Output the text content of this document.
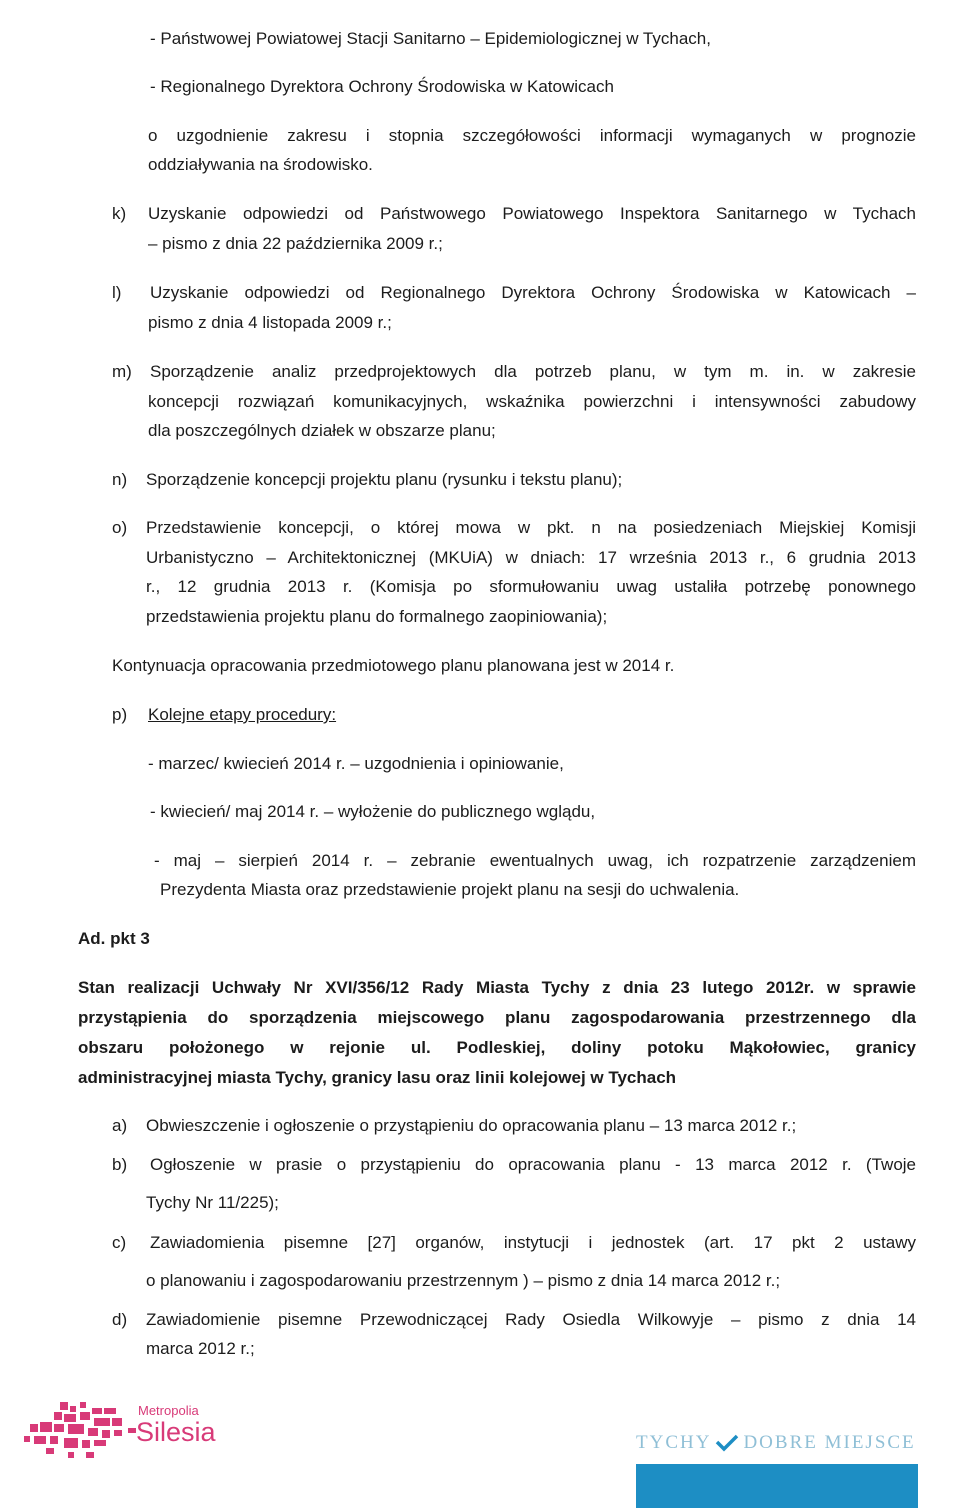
- Państwowej Powiatowej Stacji Sanitarno – Epidemiologicznej w Tychach,
- Regionalnego Dyrektora Ochrony Środowiska w Katowicach
o uzgodnienie zakresu i stopnia szczegółowości informacji wymaganych w prognozie
oddziaływania na środowisko.
k) Uzyskanie odpowiedzi od Państwowego Powiatowego Inspektora Sanitarnego w Tychach
– pismo z dnia 22 października 2009 r.;
l) Uzyskanie odpowiedzi od Regionalnego Dyrektora Ochrony Środowiska w Katowicach –
pismo z dnia 4 listopada 2009 r.;
m) Sporządzenie analiz przedprojektowych dla potrzeb planu, w tym m. in. w zakresie
koncepcji rozwiązań komunikacyjnych, wskaźnika powierzchni i intensywności zabudowy
dla poszczególnych działek w obszarze planu;
n) Sporządzenie koncepcji projektu planu (rysunku i tekstu planu);
o) Przedstawienie koncepcji, o której mowa w pkt. n na posiedzeniach Miejskiej Komisji
Urbanistyczno – Architektonicznej (MKUiA) w dniach: 17 września 2013 r., 6 grudnia 2013
r., 12 grudnia 2013 r. (Komisja po sformułowaniu uwag ustaliła potrzebę ponownego
przedstawienia projektu planu do formalnego zaopiniowania);
Kontynuacja opracowania przedmiotowego planu planowana jest w 2014 r.
p) Kolejne etapy procedury:
- marzec/ kwiecień 2014 r. – uzgodnienia i opiniowanie,
- kwiecień/ maj 2014 r. – wyłożenie do publicznego wglądu,
- maj – sierpień 2014 r. – zebranie ewentualnych uwag, ich rozpatrzenie zarządzeniem
Prezydenta Miasta oraz przedstawienie projekt planu na sesji do uchwalenia.
Ad. pkt 3
Stan realizacji Uchwały Nr XVI/356/12 Rady Miasta Tychy z dnia 23 lutego 2012r. w sprawie
przystąpienia do sporządzenia miejscowego planu zagospodarowania przestrzennego dla
obszaru położonego w rejonie ul. Podleskiej, doliny potoku Mąkołowiec, granicy
administracyjnej miasta Tychy, granicy lasu oraz linii kolejowej w Tychach
a) Obwieszczenie i ogłoszenie o przystąpieniu do opracowania planu – 13 marca 2012 r.;
b) Ogłoszenie w prasie o przystąpieniu do opracowania planu - 13 marca 2012 r. (Twoje
Tychy Nr 11/225);
c) Zawiadomienia pisemne [27] organów, instytucji i jednostek (art. 17 pkt 2 ustawy
o planowaniu i zagospodarowaniu przestrzennym ) – pismo z dnia 14 marca 2012 r.;
d) Zawiadomienie pisemne Przewodniczącej Rady Osiedla Wilkowyje – pismo z dnia 14
marca 2012 r.;
Metropolia
Silesia	TYCHY DOBRE MIEJSCE
